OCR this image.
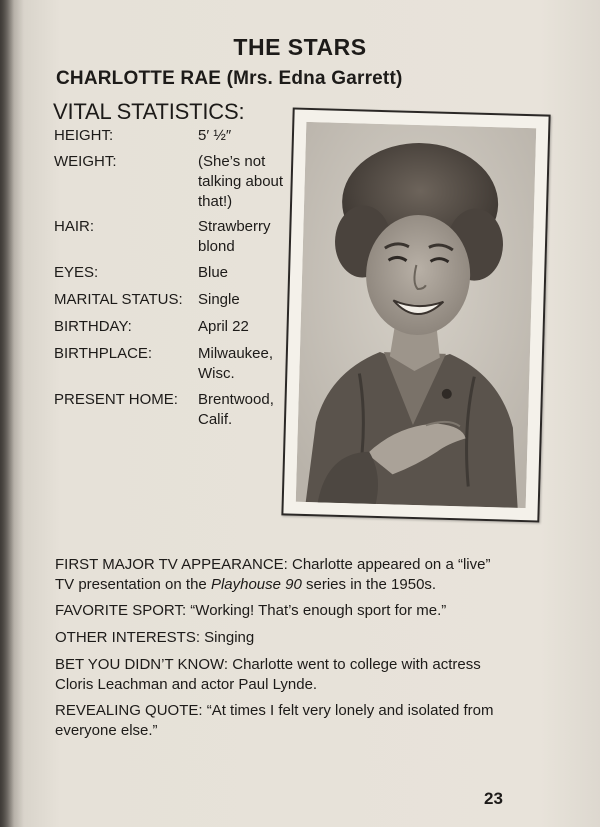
THE STARS
CHARLOTTE RAE (Mrs. Edna Garrett)
VITAL STATISTICS:
HEIGHT:	5′ ½″
WEIGHT:	(She’s not
talking about
that!)
HAIR:	Strawberry
blond
EYES:	Blue
MARITAL STATUS: Single
BIRTHDAY:	April 22
BIRTHPLACE:	Milwaukee,
Wisc.
PRESENT HOME: Brentwood,
Calif.
FIRST MAJOR TV APPEARANCE: Charlotte appeared on a “live”
TV presentation on the Playhouse 90 series in the 1950s.
FAVORITE SPORT: “Working! That’s enough sport for me.”
OTHER INTERESTS: Singing
BET YOU DIDN’T KNOW: Charlotte went to college with actress
Cloris Leachman and actor Paul Lynde.
REVEALING QUOTE: “At times I felt very lonely and isolated from
everyone else.”
23
